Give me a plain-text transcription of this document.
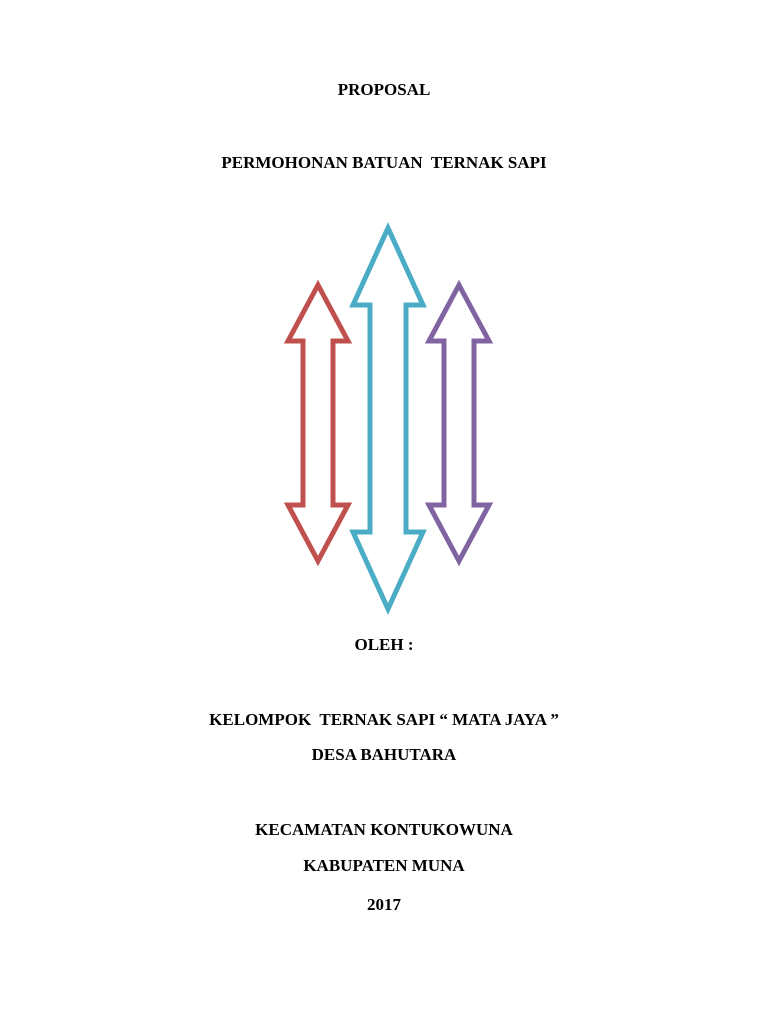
PROPOSAL
PERMOHONAN BATUAN  TERNAK SAPI
OLEH :
KELOMPOK  TERNAK SAPI “ MATA JAYA ”
DESA BAHUTARA
KECAMATAN KONTUKOWUNA
KABUPATEN MUNA
2017
